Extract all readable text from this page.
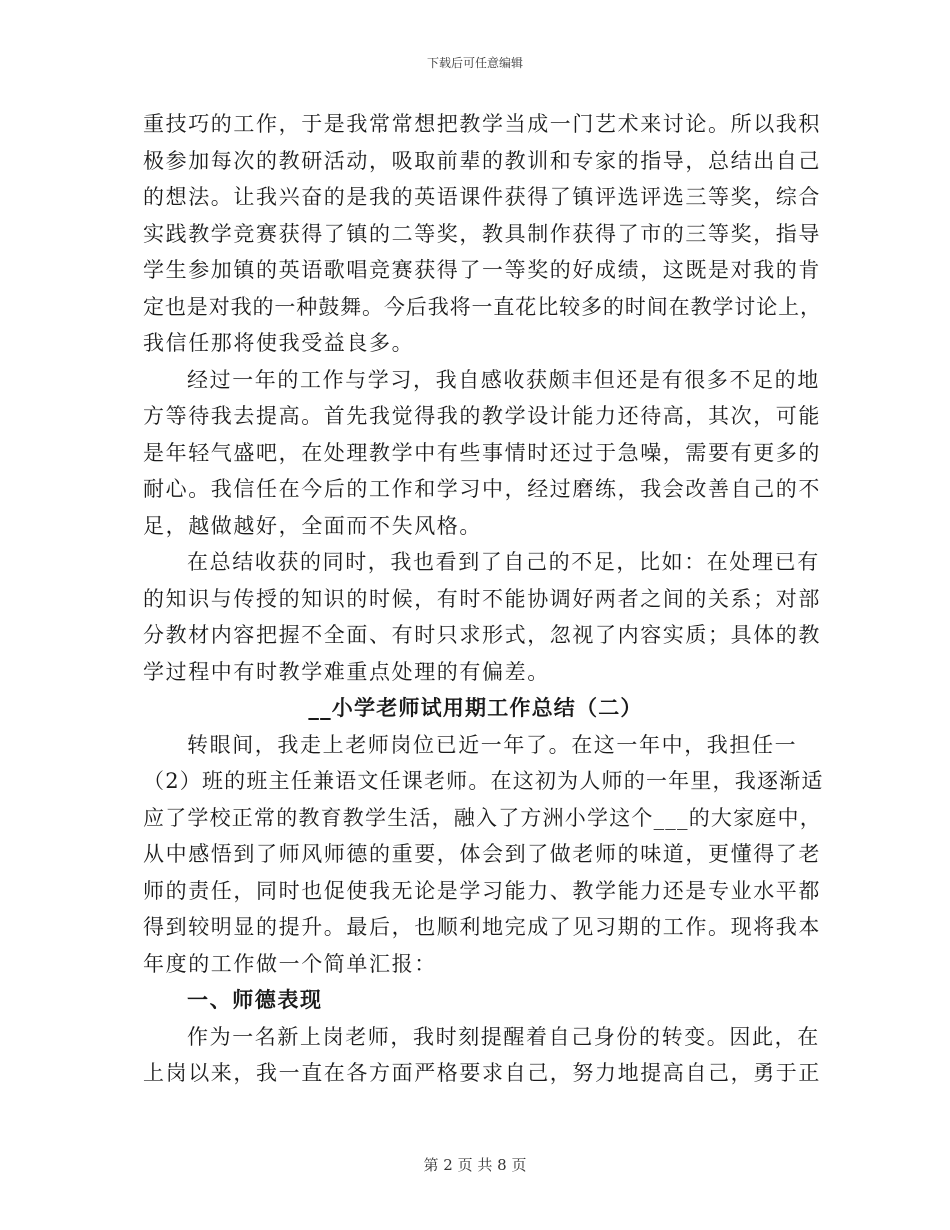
下载后可任意编辑

重技巧的工作，于是我常常想把教学当成一门艺术来讨论。所以我积
极参加每次的教研活动，吸取前辈的教训和专家的指导，总结出自己
的想法。让我兴奋的是我的英语课件获得了镇评选评选三等奖，综合
实践教学竞赛获得了镇的二等奖，教具制作获得了市的三等奖，指导
学生参加镇的英语歌唱竞赛获得了一等奖的好成绩，这既是对我的肯
定也是对我的一种鼓舞。今后我将一直花比较多的时间在教学讨论上，
我信任那将使我受益良多。

经过一年的工作与学习，我自感收获颇丰但还是有很多不足的地
方等待我去提高。首先我觉得我的教学设计能力还待高，其次，可能
是年轻气盛吧，在处理教学中有些事情时还过于急噪，需要有更多的
耐心。我信任在今后的工作和学习中，经过磨练，我会改善自己的不
足，越做越好，全面而不失风格。

在总结收获的同时，我也看到了自己的不足，比如：在处理已有
的知识与传授的知识的时候，有时不能协调好两者之间的关系；对部
分教材内容把握不全面、有时只求形式，忽视了内容实质；具体的教
学过程中有时教学难重点处理的有偏差。

__小学老师试用期工作总结（二）

转眼间，我走上老师岗位已近一年了。在这一年中，我担任一
（2）班的班主任兼语文任课老师。在这初为人师的一年里，我逐渐适
应了学校正常的教育教学生活，融入了方洲小学这个___的大家庭中，
从中感悟到了师风师德的重要，体会到了做老师的味道，更懂得了老
师的责任，同时也促使我无论是学习能力、教学能力还是专业水平都
得到较明显的提升。最后，也顺利地完成了见习期的工作。现将我本
年度的工作做一个简单汇报：

一、师德表现

作为一名新上岗老师，我时刻提醒着自己身份的转变。因此，在
上岗以来，我一直在各方面严格要求自己，努力地提高自己，勇于正

第 2 页 共 8 页
